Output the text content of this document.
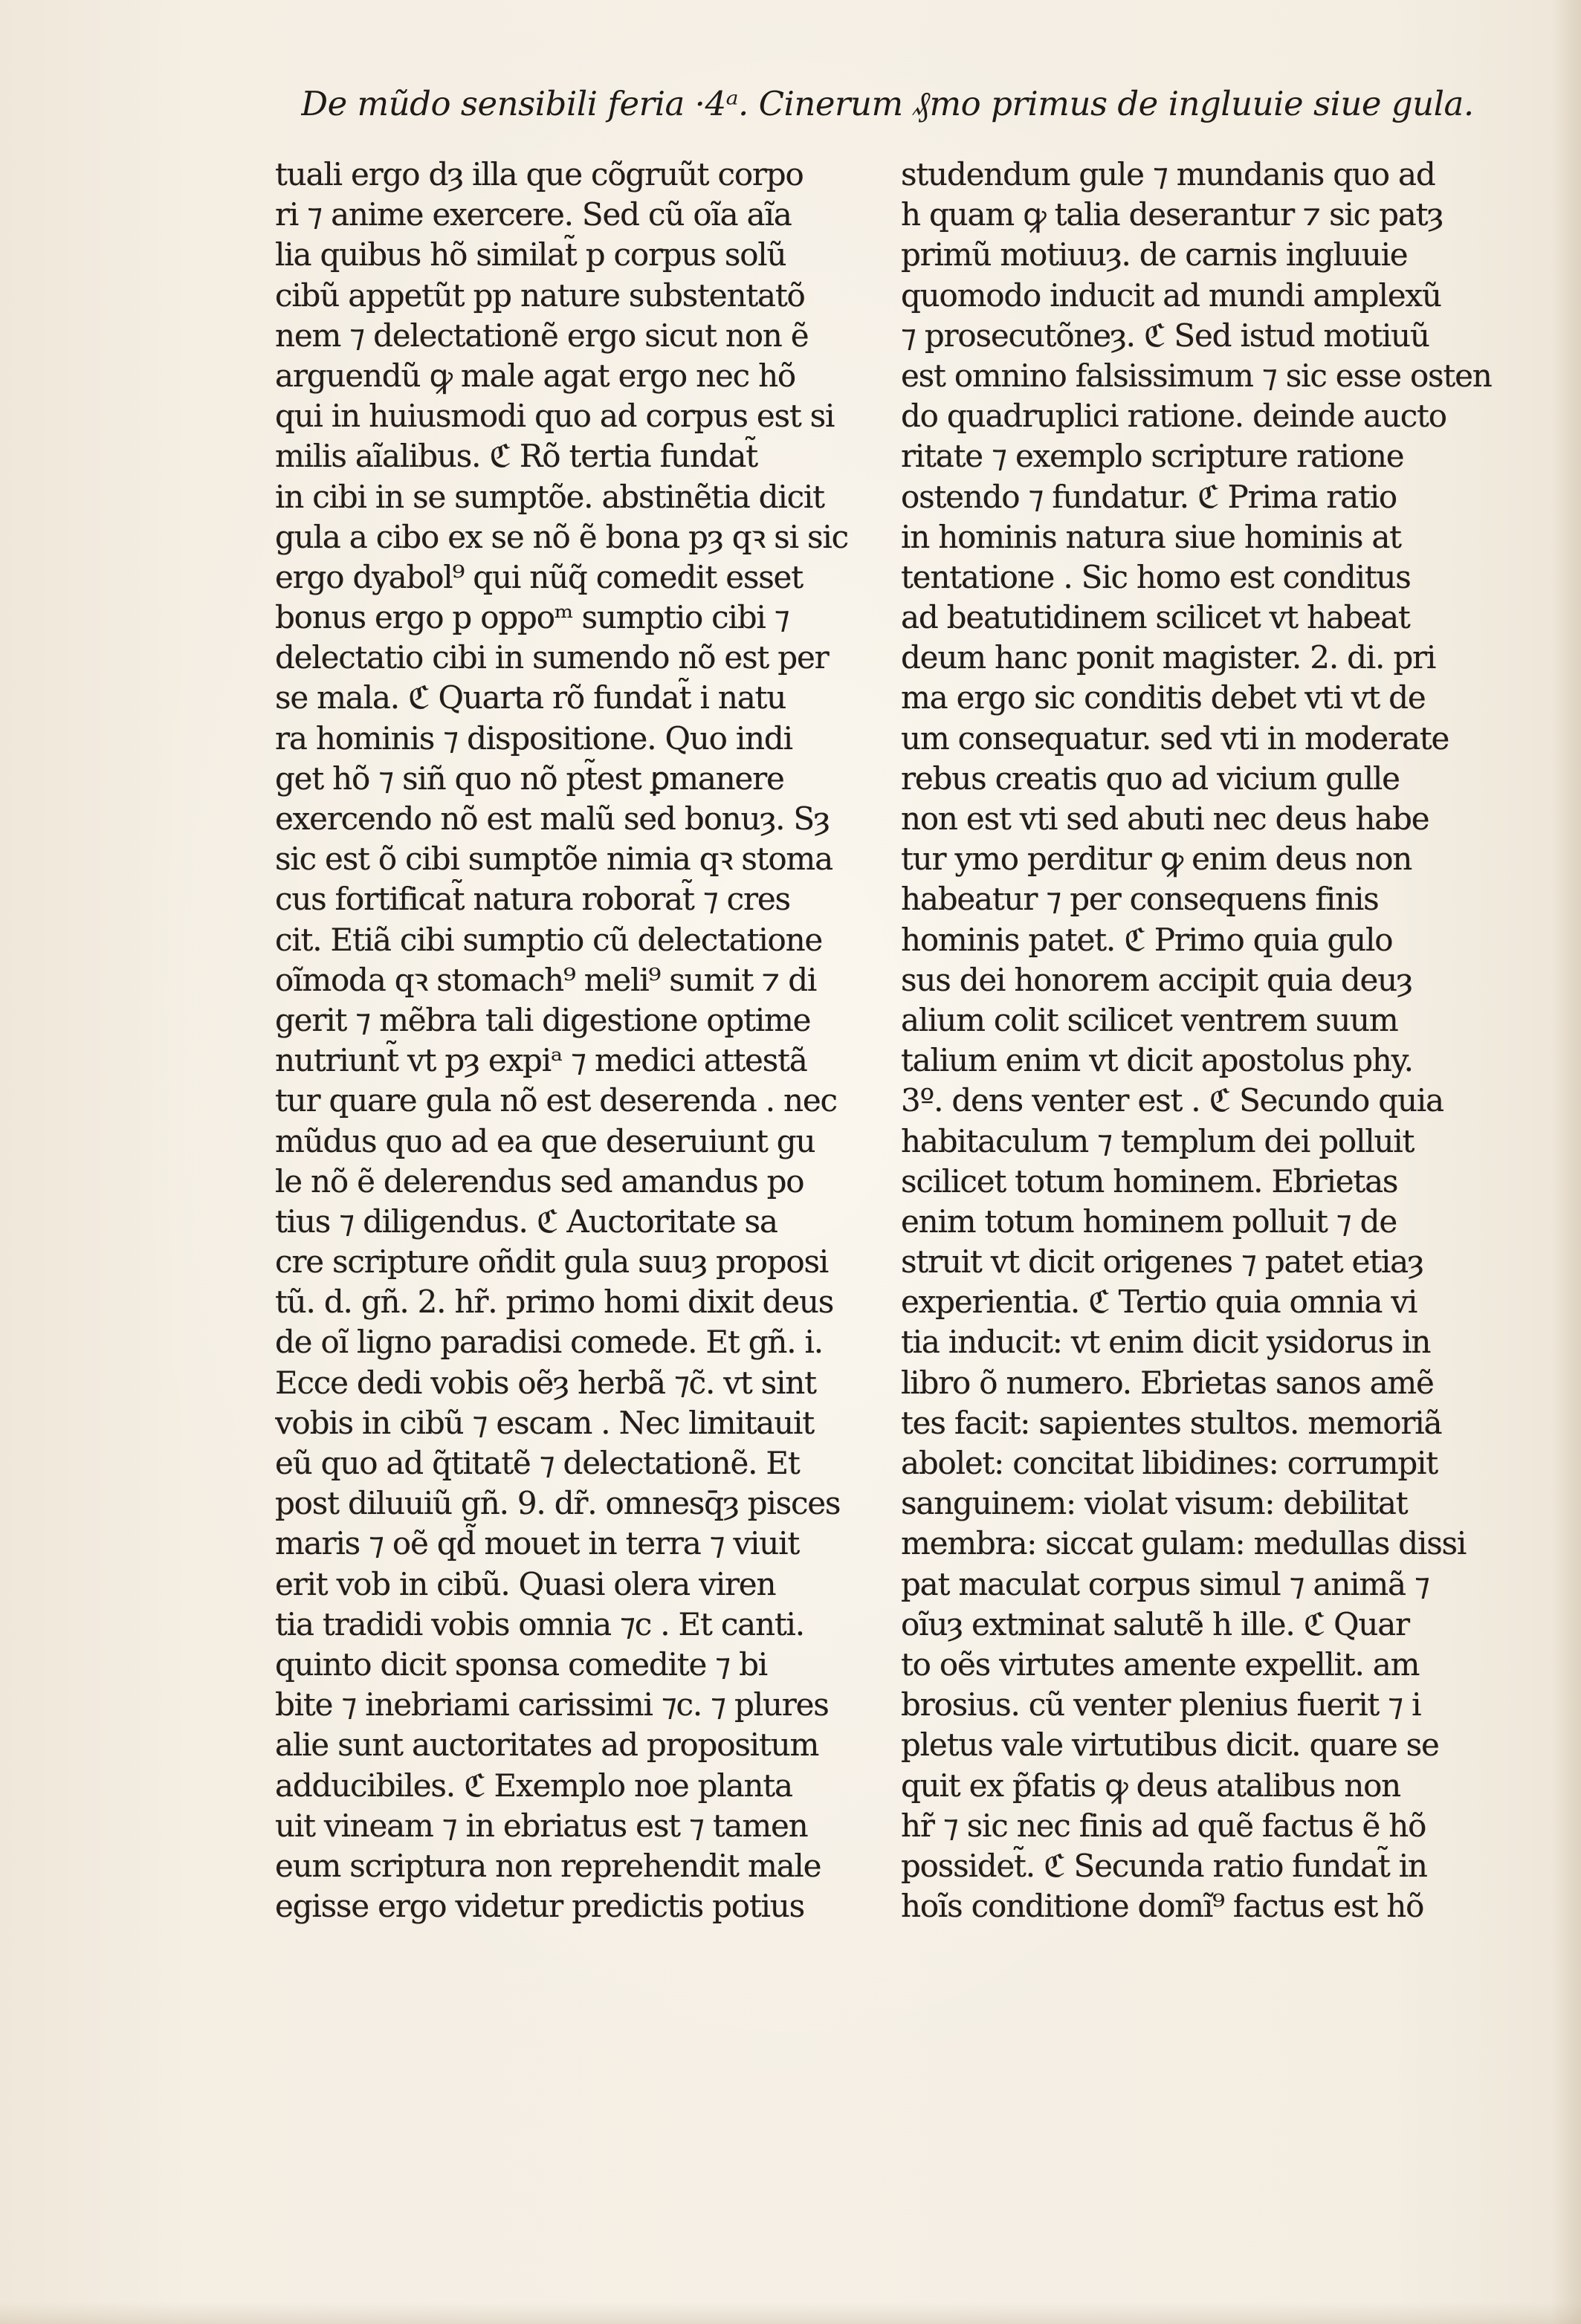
De mũdo sensibili feria ·4ᵃ. Cinerum ₰mo primus de ingluuie siue gula.
tuali ergo dȝ illa que cõgruũt corpo
ri ⁊ anime exercere. Sed cũ oĩa aĩa
lia quibus hõ similat̃ p corpus solũ
cibũ appetũt pp nature substentatõ
nem ⁊ delectationẽ ergo sicut non ẽ
arguendũ ꝙ male agat ergo nec hõ
qui in huiusmodi quo ad corpus est si
milis aĩalibus. ℭ Rõ tertia fundat̃
in cibi in se sumptõe. abstinẽtia dicit
gula a cibo ex se nõ ẽ bona pȝ qꝛ si sic
ergo dyabol⁹ qui nũq̃ comedit esset
bonus ergo p oppoᵐ sumptio cibi ⁊
delectatio cibi in sumendo nõ est per
se mala. ℭ Quarta rõ fundat̃ i natu
ra hominis ⁊ dispositione. Quo indi
get hõ ⁊ siñ quo nõ pt̃est ꝑmanere
exercendo nõ est malũ sed bonuȝ. Sȝ
sic est õ cibi sumptõe nimia qꝛ stoma
cus fortificat̃ natura roborat̃ ⁊ cres
cit. Etiã cibi sumptio cũ delectatione
oĩmoda qꝛ stomach⁹ meli⁹ sumit ⁊ di
gerit ⁊ mẽbra tali digestione optime
nutriunt̃ vt pȝ expiᵃ ⁊ medici attestã
tur quare gula nõ est deserenda . nec
mũdus quo ad ea que deseruiunt gu
le nõ ẽ delerendus sed amandus po
tius ⁊ diligendus. ℭ Auctoritate sa
cre scripture oñdit gula suuȝ proposi
tũ. d. gñ. 2. hr̃. primo homi dixit deus
de oĩ ligno paradisi comede. Et gñ. i.
Ecce dedi vobis oẽȝ herbã ⁊c̃. vt sint
vobis in cibũ ⁊ escam . Nec limitauit
eũ quo ad q̃titatẽ ⁊ delectationẽ. Et
post diluuiũ gñ. 9. dr̃. omnesq̄ȝ pisces
maris ⁊ oẽ qd̃ mouet in terra ⁊ viuit
erit vob in cibũ. Quasi olera viren
tia tradidi vobis omnia ⁊c . Et canti.
quinto dicit sponsa comedite ⁊ bi
bite ⁊ inebriami carissimi ⁊c. ⁊ plures
alie sunt auctoritates ad propositum
adducibiles. ℭ Exemplo noe planta
uit vineam ⁊ in ebriatus est ⁊ tamen
eum scriptura non reprehendit male
egisse ergo videtur predictis potius
studendum gule ⁊ mundanis quo ad
h quam ꝙ talia deserantur ⁊ sic patȝ
primũ motiuuȝ. de carnis ingluuie
quomodo inducit ad mundi amplexũ
⁊ prosecutõneȝ. ℭ Sed istud motiuũ
est omnino falsissimum ⁊ sic esse osten
do quadruplici ratione. deinde aucto
ritate ⁊ exemplo scripture ratione
ostendo ⁊ fundatur. ℭ Prima ratio
in hominis natura siue hominis at
tentatione . Sic homo est conditus
ad beatutidinem scilicet vt habeat
deum hanc ponit magister. 2. di. pri
ma ergo sic conditis debet vti vt de
um consequatur. sed vti in moderate
rebus creatis quo ad vicium gulle
non est vti sed abuti nec deus habe
tur ymo perditur ꝙ enim deus non
habeatur ⁊ per consequens finis
hominis patet. ℭ Primo quia gulo
sus dei honorem accipit quia deuȝ
alium colit scilicet ventrem suum
talium enim vt dicit apostolus phy.
3º. dens venter est . ℭ Secundo quia
habitaculum ⁊ templum dei polluit
scilicet totum hominem. Ebrietas
enim totum hominem polluit ⁊ de
struit vt dicit origenes ⁊ patet etiaȝ
experientia. ℭ Tertio quia omnia vi
tia inducit: vt enim dicit ysidorus in
libro õ numero. Ebrietas sanos amẽ
tes facit: sapientes stultos. memoriã
abolet: concitat libidines: corrumpit
sanguinem: violat visum: debilitat
membra: siccat gulam: medullas dissi
pat maculat corpus simul ⁊ animã ⁊
oĩuȝ extminat salutẽ h ille. ℭ Quar
to oẽs virtutes amente expellit. am
brosius. cũ venter plenius fuerit ⁊ i
pletus vale virtutibus dicit. quare se
quit ex p̃fatis ꝙ deus atalibus non
hr̃ ⁊ sic nec finis ad quẽ factus ẽ hõ
possidet̃. ℭ Secunda ratio fundat̃ in
hoĩs conditione domĩ⁹ factus est hõ
